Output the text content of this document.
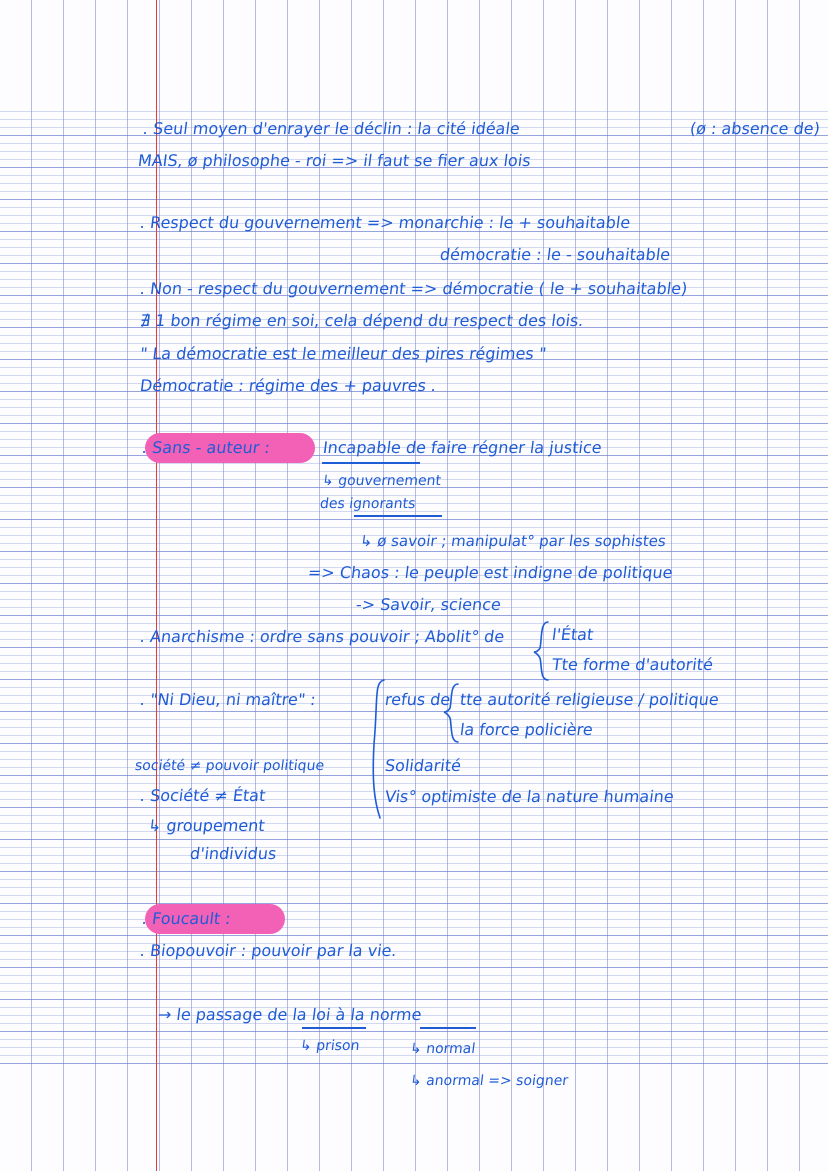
. Seul moyen d'enrayer le déclin : la cité idéale	(ø : absence de)
MAIS, ø philosophe - roi => il faut se fier aux lois
. Respect du gouvernement => monarchie : le + souhaitable
démocratie : le - souhaitable
. Non - respect du gouvernement => démocratie ( le + souhaitable)
∄ 1 bon régime en soi, cela dépend du respect des lois.
" La démocratie est le meilleur des pires régimes "
Démocratie : régime des + pauvres .
. Sans - auteur :	Incapable de faire régner la justice
↳ gouvernement
des ignorants
↳ ø savoir ; manipulat° par les sophistes
=> Chaos : le peuple est indigne de politique
-> Savoir, science
. Anarchisme : ordre sans pouvoir ; Abolit° de	l'État
Tte forme d'autorité
. "Ni Dieu, ni maître" :	refus de tte autorité religieuse / politique
la force policière
société ≠ pouvoir politique
. Société ≠ État
↳ groupement
d'individus
Solidarité
Vis° optimiste de la nature humaine
. Foucault :
. Biopouvoir : pouvoir par la vie.
→ le passage de la loi à la norme
↳ prison	↳ normal
↳ anormal => soigner
